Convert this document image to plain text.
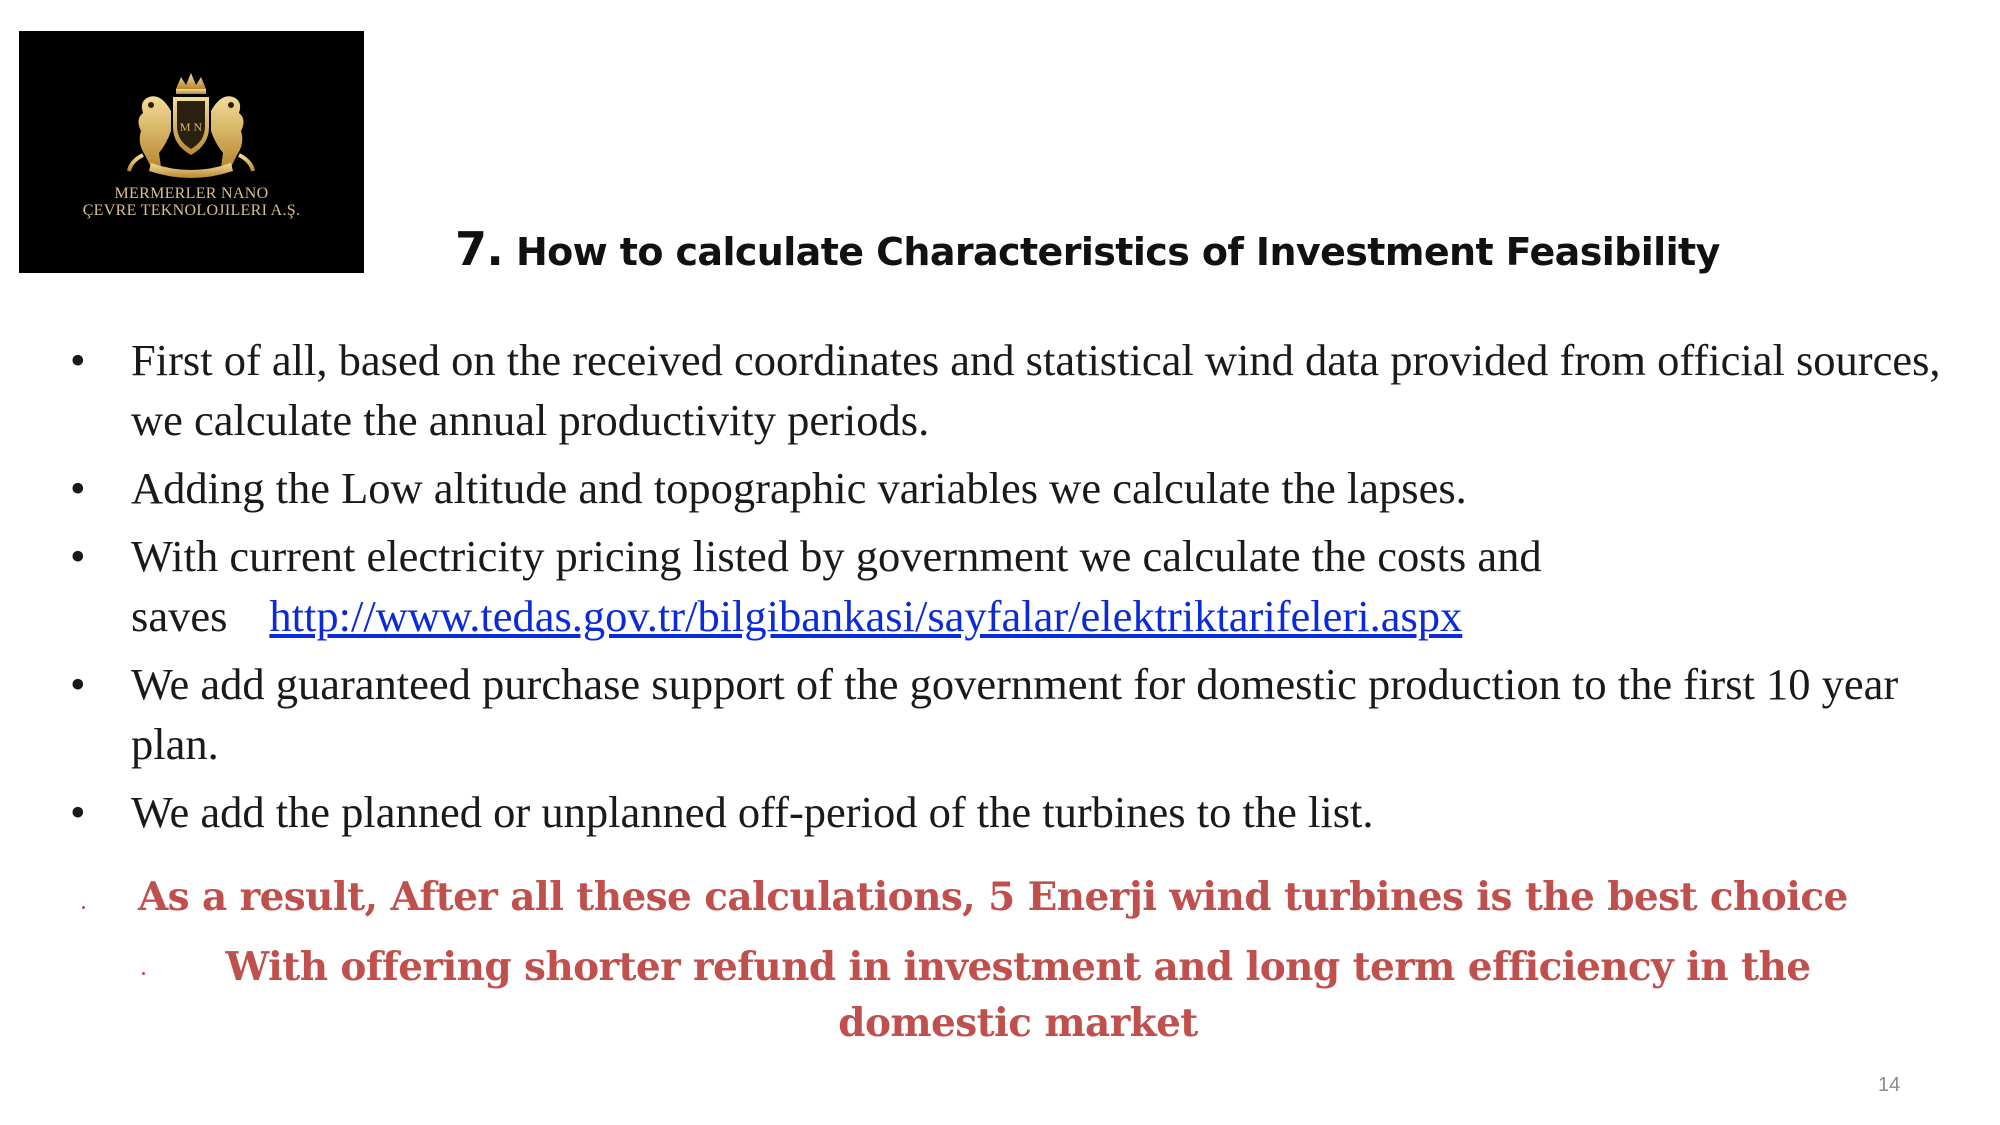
M N
MERMERLER NANO
ÇEVRE TEKNOLOJILERI A.Ş.
7. How to calculate Characteristics of Investment Feasibility
• First of all, based on the received coordinates and statistical wind data provided from official sources, we calculate the annual productivity periods.
• Adding the Low altitude and topographic variables we calculate the lapses.
• With current electricity pricing listed by government we calculate the costs and saves http://www.tedas.gov.tr/bilgibankasi/sayfalar/elektriktarifeleri.aspx
• We add guaranteed purchase support of the government for domestic production to the first 10 year plan.
• We add the planned or unplanned off-period of the turbines to the list.
As a result, After all these calculations, 5 Enerji wind turbines is the best choice
With offering shorter refund in investment and long term efficiency in the domestic market
14
